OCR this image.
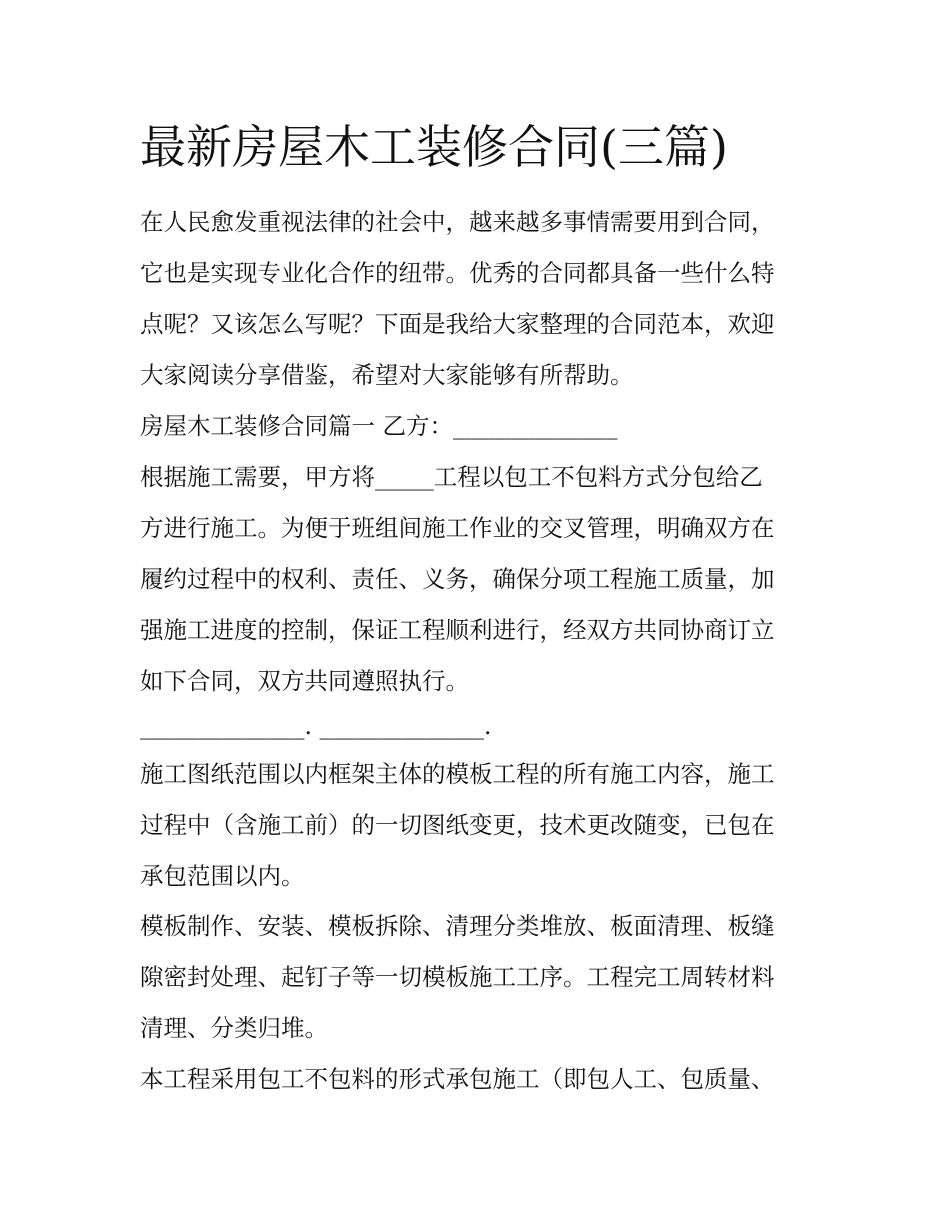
最新房屋木工装修合同(三篇)

在人民愈发重视法律的社会中，越来越多事情需要用到合同，

它也是实现专业化合作的纽带。优秀的合同都具备一些什么特

点呢？又该怎么写呢？下面是我给大家整理的合同范本，欢迎

大家阅读分享借鉴，希望对大家能够有所帮助。

房屋木工装修合同篇一 乙方：______________

根据施工需要，甲方将_____工程以包工不包料方式分包给乙

方进行施工。为便于班组间施工作业的交叉管理，明确双方在

履约过程中的权利、责任、义务，确保分项工程施工质量，加

强施工进度的控制，保证工程顺利进行，经双方共同协商订立

如下合同，双方共同遵照执行。

______________. ______________.

施工图纸范围以内框架主体的模板工程的所有施工内容，施工

过程中（含施工前）的一切图纸变更，技术更改随变，已包在

承包范围以内。

模板制作、安装、模板拆除、清理分类堆放、板面清理、板缝

隙密封处理、起钉子等一切模板施工工序。工程完工周转材料

清理、分类归堆。

本工程采用包工不包料的形式承包施工（即包人工、包质量、
